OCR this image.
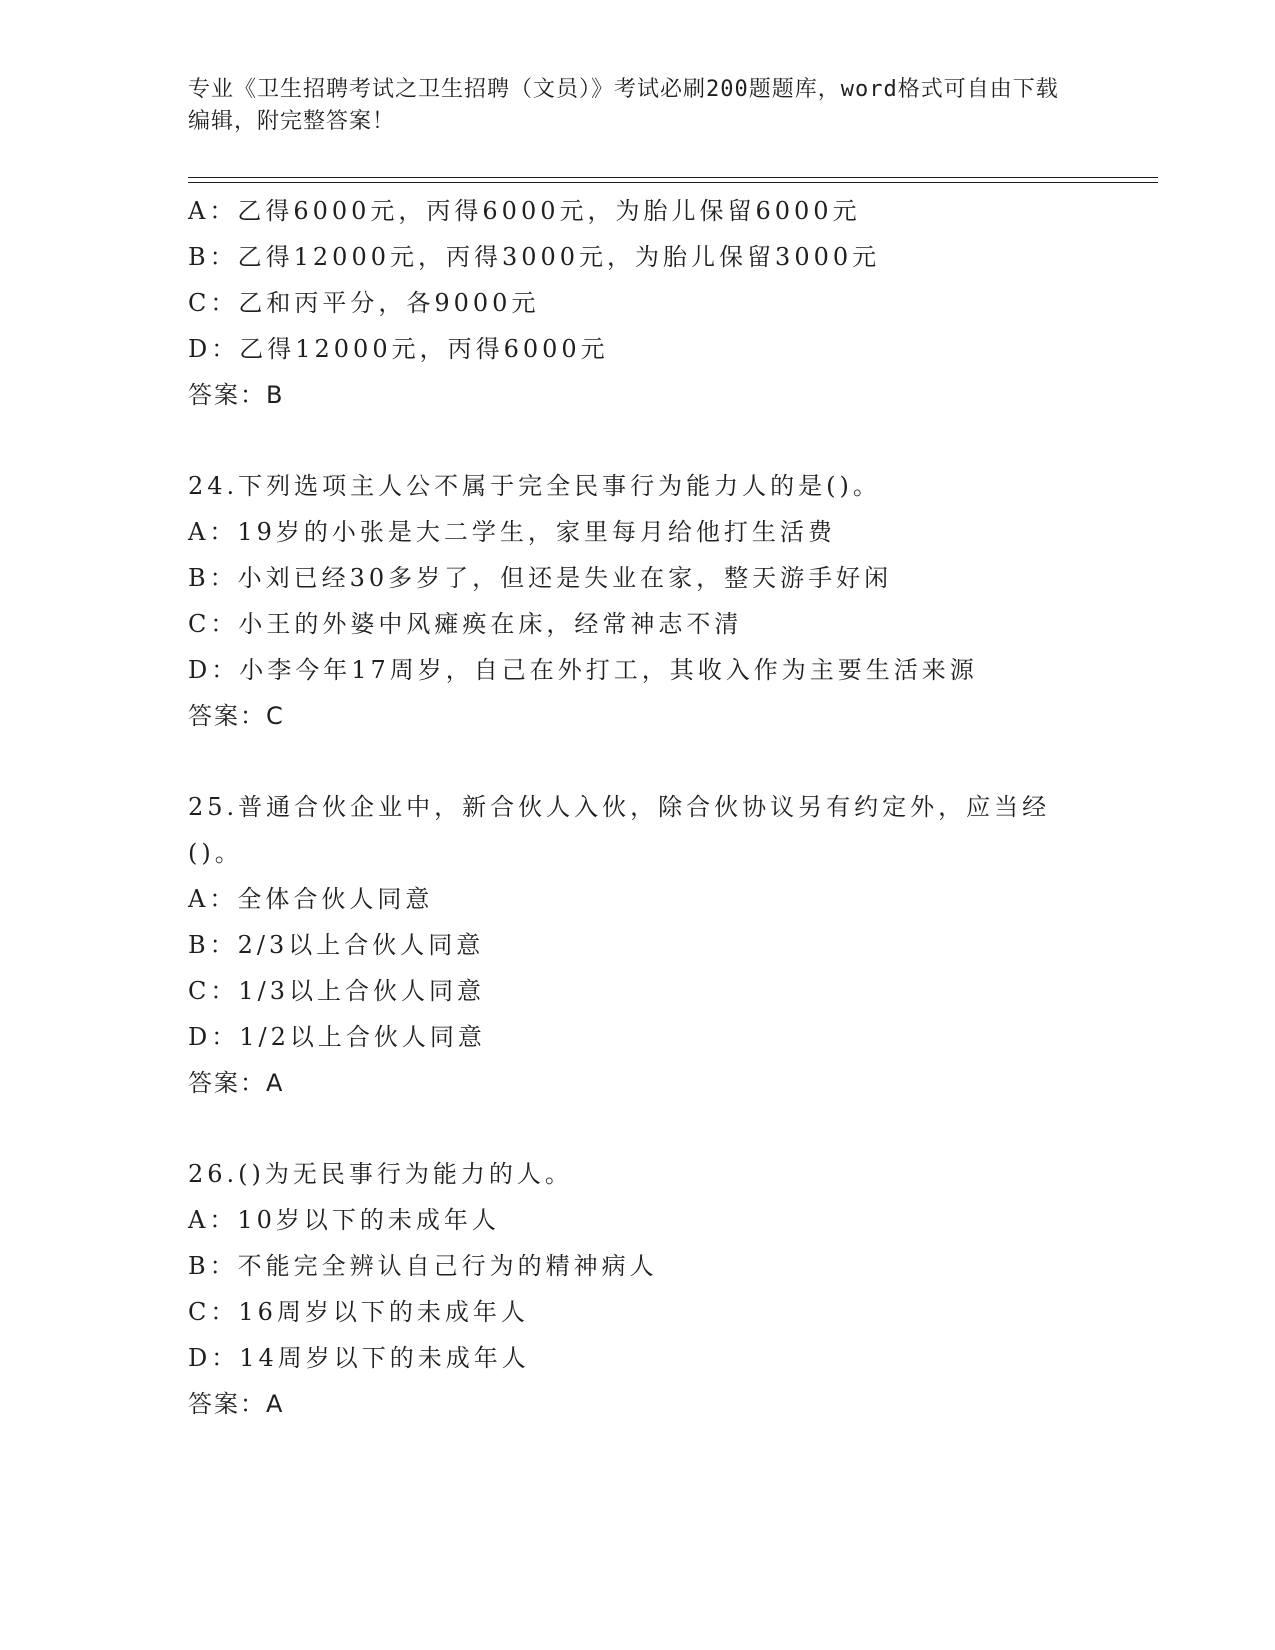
专业《卫生招聘考试之卫生招聘（文员）》考试必刷200题题库，word格式可自由下载编辑，附完整答案！
A：乙得6000元，丙得6000元，为胎儿保留6000元
B：乙得12000元，丙得3000元，为胎儿保留3000元
C：乙和丙平分，各9000元
D：乙得12000元，丙得6000元
答案：B
24.下列选项主人公不属于完全民事行为能力人的是()。
A：19岁的小张是大二学生，家里每月给他打生活费
B：小刘已经30多岁了，但还是失业在家，整天游手好闲
C：小王的外婆中风瘫痪在床，经常神志不清
D：小李今年17周岁，自己在外打工，其收入作为主要生活来源
答案：C
25.普通合伙企业中，新合伙人入伙，除合伙协议另有约定外，应当经()。
A：全体合伙人同意
B：2/3以上合伙人同意
C：1/3以上合伙人同意
D：1/2以上合伙人同意
答案：A
26.()为无民事行为能力的人。
A：10岁以下的未成年人
B：不能完全辨认自己行为的精神病人
C：16周岁以下的未成年人
D：14周岁以下的未成年人
答案：A
